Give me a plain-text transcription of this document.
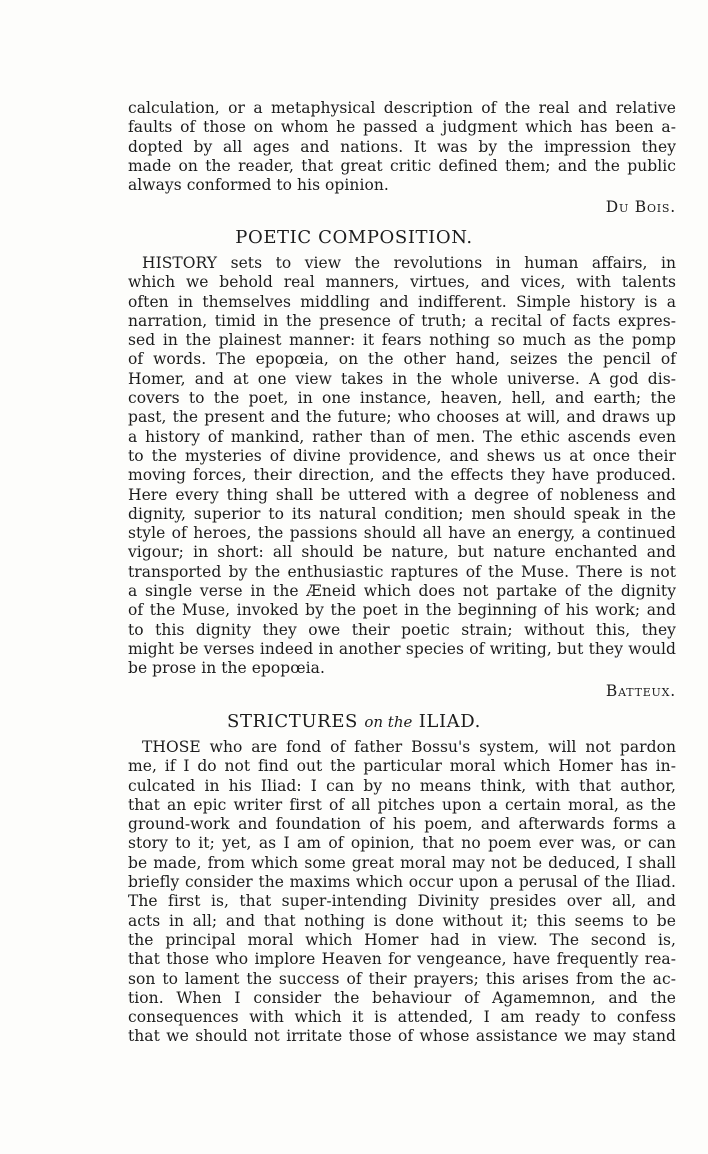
calculation, or a metaphysical description of the real and relative
faults of those on whom he passed a judgment which has been a-
dopted by all ages and nations. It was by the impression they
made on the reader, that great critic defined them; and the public
always conformed to his opinion.
Du Bois.
POETIC COMPOSITION.
HISTORY sets to view the revolutions in human affairs, in
which we behold real manners, virtues, and vices, with talents
often in themselves middling and indifferent. Simple history is a
narration, timid in the presence of truth; a recital of facts expres-
sed in the plainest manner: it fears nothing so much as the pomp
of words. The epopœia, on the other hand, seizes the pencil of
Homer, and at one view takes in the whole universe. A god dis-
covers to the poet, in one instance, heaven, hell, and earth; the
past, the present and the future; who chooses at will, and draws up
a history of mankind, rather than of men. The ethic ascends even
to the mysteries of divine providence, and shews us at once their
moving forces, their direction, and the effects they have produced.
Here every thing shall be uttered with a degree of nobleness and
dignity, superior to its natural condition; men should speak in the
style of heroes, the passions should all have an energy, a continued
vigour; in short: all should be nature, but nature enchanted and
transported by the enthusiastic raptures of the Muse. There is not
a single verse in the Æneid which does not partake of the dignity
of the Muse, invoked by the poet in the beginning of his work; and
to this dignity they owe their poetic strain; without this, they
might be verses indeed in another species of writing, but they would
be prose in the epopœia.
Batteux.
STRICTURES on the ILIAD.
THOSE who are fond of father Bossu's system, will not pardon
me, if I do not find out the particular moral which Homer has in-
culcated in his Iliad: I can by no means think, with that author,
that an epic writer first of all pitches upon a certain moral, as the
ground-work and foundation of his poem, and afterwards forms a
story to it; yet, as I am of opinion, that no poem ever was, or can
be made, from which some great moral may not be deduced, I shall
briefly consider the maxims which occur upon a perusal of the Iliad.
The first is, that super-intending Divinity presides over all, and
acts in all; and that nothing is done without it; this seems to be
the principal moral which Homer had in view. The second is,
that those who implore Heaven for vengeance, have frequently rea-
son to lament the success of their prayers; this arises from the ac-
tion. When I consider the behaviour of Agamemnon, and the
consequences with which it is attended, I am ready to confess
that we should not irritate those of whose assistance we may stand
